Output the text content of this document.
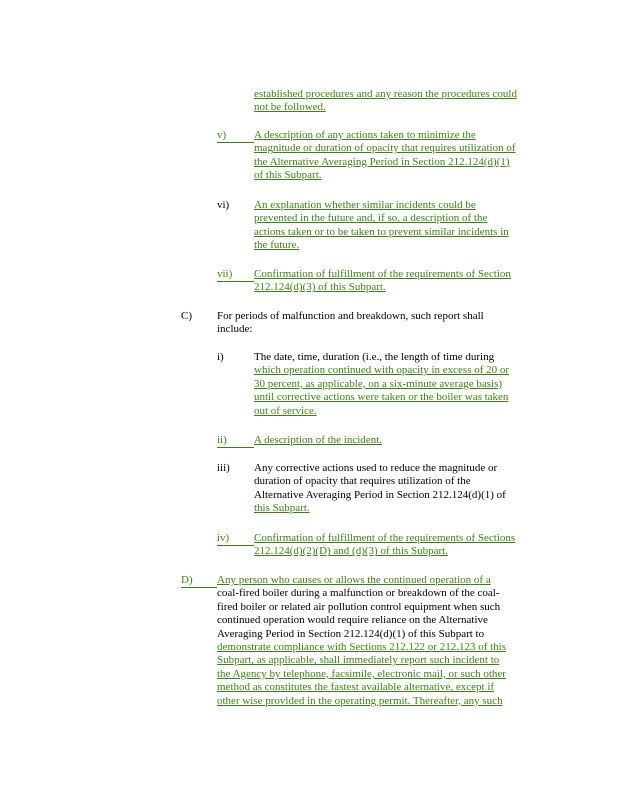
established procedures and any reason the procedures could
not be followed.
v)	A description of any actions taken to minimize the
magnitude or duration of opacity that requires utilization of
the Alternative Averaging Period in Section 212.124(d)(1)
of this Subpart.
vi) An explanation whether similar incidents could be
prevented in the future and, if so, a description of the
actions taken or to be taken to prevent similar incidents in
the future.
vii)	Confirmation of fulfillment of the requirements of Section
212.124(d)(3) of this Subpart.
C) For periods of malfunction and breakdown, such report shall
include:
i)	The date, time, duration (i.e., the length of time during
which operation continued with opacity in excess of 20 or
30 percent, as applicable, on a six-minute average basis)
until corrective actions were taken or the boiler was taken
out of service.
ii)	A description of the incident.
iii) Any corrective actions used to reduce the magnitude or
duration of opacity that requires utilization of the
Alternative Averaging Period in Section 212.124(d)(1) of
this Subpart.
iv)	Confirmation of fulfillment of the requirements of Sections
212.124(d)(2)(D) and (d)(3) of this Subpart.
D)	Any person who causes or allows the continued operation of a
coal-fired boiler during a malfunction or breakdown of the coal-
fired boiler or related air pollution control equipment when such
continued operation would require reliance on the Alternative
Averaging Period in Section 212.124(d)(1) of this Subpart to
demonstrate compliance with Sections 212.122 or 212.123 of this
Subpart, as applicable, shall immediately report such incident to
the Agency by telephone, facsimile, electronic mail, or such other
method as constitutes the fastest available alternative, except if
other wise provided in the operating permit. Thereafter, any such
